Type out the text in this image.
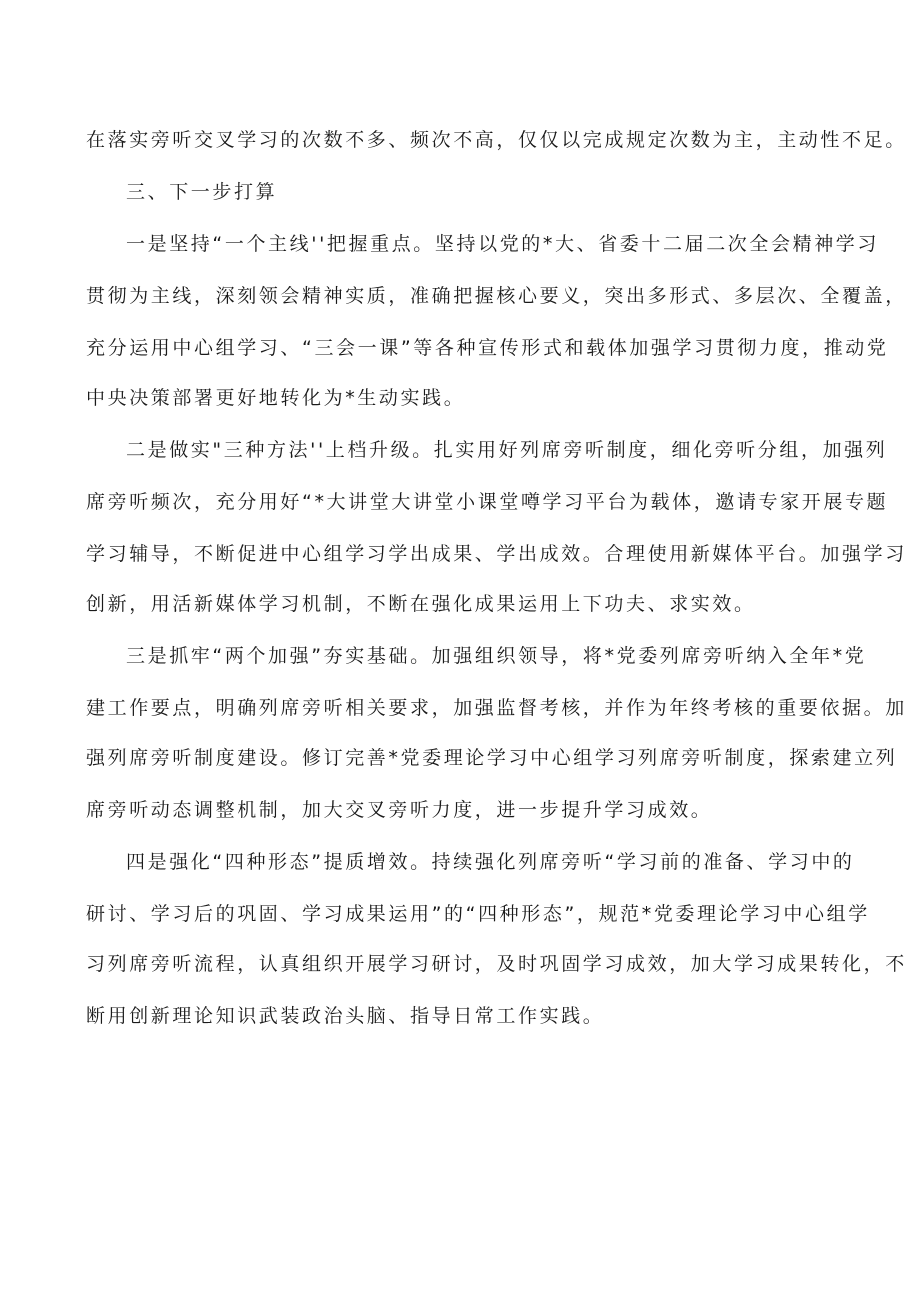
在落实旁听交叉学习的次数不多、频次不高，仅仅以完成规定次数为主，主动性不足。
三、下一步打算
一是坚持“一个主线''把握重点。坚持以党的*大、省委十二届二次全会精神学习
贯彻为主线，深刻领会精神实质，准确把握核心要义，突出多形式、多层次、全覆盖，
充分运用中心组学习、“三会一课”等各种宣传形式和载体加强学习贯彻力度，推动党
中央决策部署更好地转化为*生动实践。
二是做实"三种方法''上档升级。扎实用好列席旁听制度，细化旁听分组，加强列
席旁听频次，充分用好“*大讲堂大讲堂小课堂噂学习平台为载体，邀请专家开展专题
学习辅导，不断促进中心组学习学出成果、学出成效。合理使用新媒体平台。加强学习
创新，用活新媒体学习机制，不断在强化成果运用上下功夫、求实效。
三是抓牢“两个加强”夯实基础。加强组织领导，将*党委列席旁听纳入全年*党
建工作要点，明确列席旁听相关要求，加强监督考核，并作为年终考核的重要依据。加
强列席旁听制度建设。修订完善*党委理论学习中心组学习列席旁听制度，探索建立列
席旁听动态调整机制，加大交叉旁听力度，进一步提升学习成效。
四是强化“四种形态”提质增效。持续强化列席旁听“学习前的准备、学习中的
研讨、学习后的巩固、学习成果运用”的“四种形态”，规范*党委理论学习中心组学
习列席旁听流程，认真组织开展学习研讨，及时巩固学习成效，加大学习成果转化，不
断用创新理论知识武装政治头脑、指导日常工作实践。
